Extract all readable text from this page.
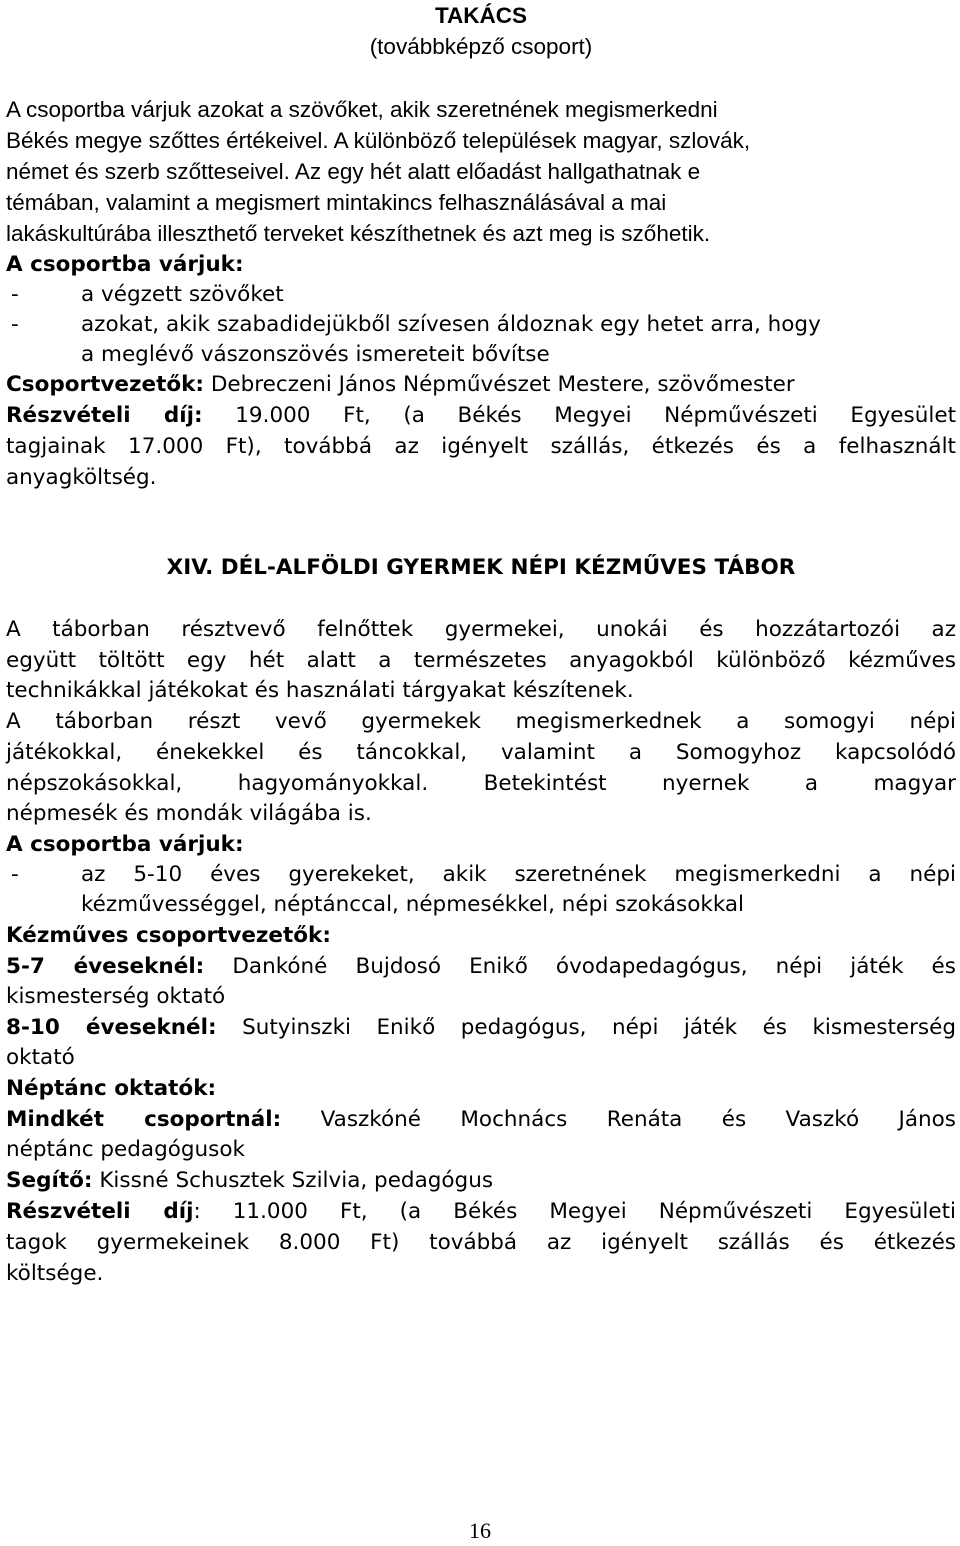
TAKÁCS
(továbbképző csoport)
A csoportba várjuk azokat a szövőket, akik szeretnének megismerkedni
Békés megye szőttes értékeivel. A különböző települések magyar, szlovák,
német és szerb szőtteseivel. Az egy hét alatt előadást hallgathatnak e
témában, valamint a megismert mintakincs felhasználásával a mai
lakáskultúrába illeszthető terveket készíthetnek és azt meg is szőhetik.
A csoportba várjuk:
-	a végzett szövőket
-	azokat, akik szabadidejükből szívesen áldoznak egy hetet arra, hogy
a meglévő vászonszövés ismereteit bővítse
Csoportvezetők: Debreczeni János Népművészet Mestere, szövőmester
Részvételi díj: 19.000 Ft, (a Békés Megyei Népművészeti Egyesület
tagjainak 17.000 Ft), továbbá az igényelt szállás, étkezés és a felhasznált
anyagköltség.
XIV. DÉL-ALFÖLDI GYERMEK NÉPI KÉZMŰVES TÁBOR
A táborban résztvevő felnőttek gyermekei, unokái és hozzátartozói az
együtt töltött egy hét alatt a természetes anyagokból különböző kézműves
technikákkal játékokat és használati tárgyakat készítenek.
A táborban részt vevő gyermekek megismerkednek a somogyi népi
játékokkal, énekekkel és táncokkal, valamint a Somogyhoz kapcsolódó
népszokásokkal, hagyományokkal. Betekintést nyernek a magyar
népmesék és mondák világába is.
A csoportba várjuk:
-	az 5-10 éves gyerekeket, akik szeretnének megismerkedni a népi
kézművességgel, néptánccal, népmesékkel, népi szokásokkal
Kézműves csoportvezetők:
5-7 éveseknél: Dankóné Bujdosó Enikő óvodapedagógus, népi játék és
kismesterség oktató
8-10 éveseknél: Sutyinszki Enikő pedagógus, népi játék és kismesterség
oktató
Néptánc oktatók:
Mindkét csoportnál: Vaszkóné Mochnács Renáta és Vaszkó János
néptánc pedagógusok
Segítő: Kissné Schusztek Szilvia, pedagógus
Részvételi díj: 11.000 Ft, (a Békés Megyei Népművészeti Egyesületi
tagok gyermekeinek 8.000 Ft) továbbá az igényelt szállás és étkezés
költsége.
16
